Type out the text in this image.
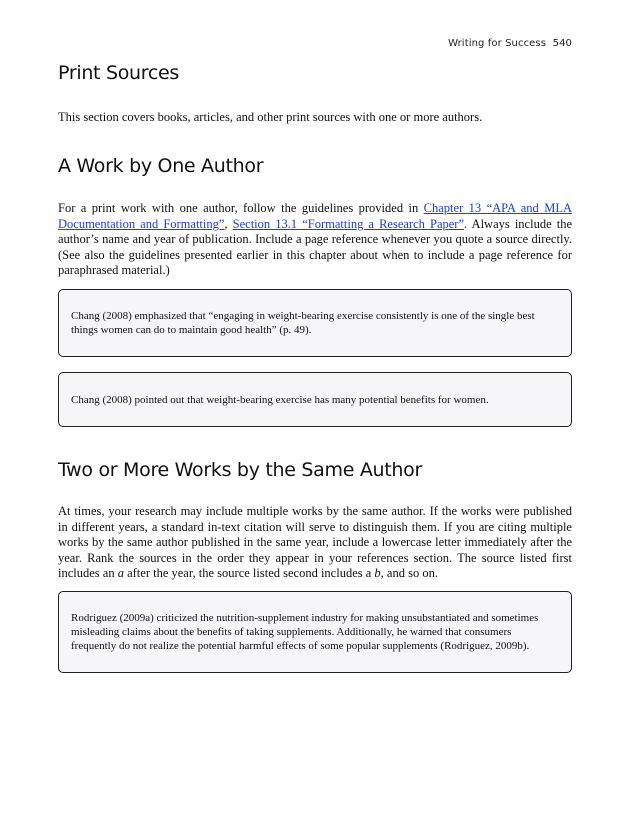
Writing for Success 540
Print Sources

This section covers books, articles, and other print sources with one or more authors.

A Work by One Author

For a print work with one author, follow the guidelines provided in Chapter 13 “APA and MLA Documentation and Formatting”, Section 13.1 “Formatting a Research Paper”. Always include the author’s name and year of publication. Include a page reference whenever you quote a source directly. (See also the guidelines presented earlier in this chapter about when to include a page reference for paraphrased material.)

Chang (2008) emphasized that “engaging in weight-bearing exercise consistently is one of the single best things women can do to maintain good health” (p. 49).
Chang (2008) pointed out that weight-bearing exercise has many potential benefits for women.
Two or More Works by the Same Author

At times, your research may include multiple works by the same author. If the works were published in different years, a standard in-text citation will serve to distinguish them. If you are citing multiple works by the same author published in the same year, include a lowercase letter immediately after the year. Rank the sources in the order they appear in your references section. The source listed first includes an a after the year, the source listed second includes a b, and so on.

Rodriguez (2009a) criticized the nutrition-supplement industry for making unsubstantiated and sometimes misleading claims about the benefits of taking supplements. Additionally, he warned that consumers frequently do not realize the potential harmful effects of some popular supplements (Rodriguez, 2009b).
